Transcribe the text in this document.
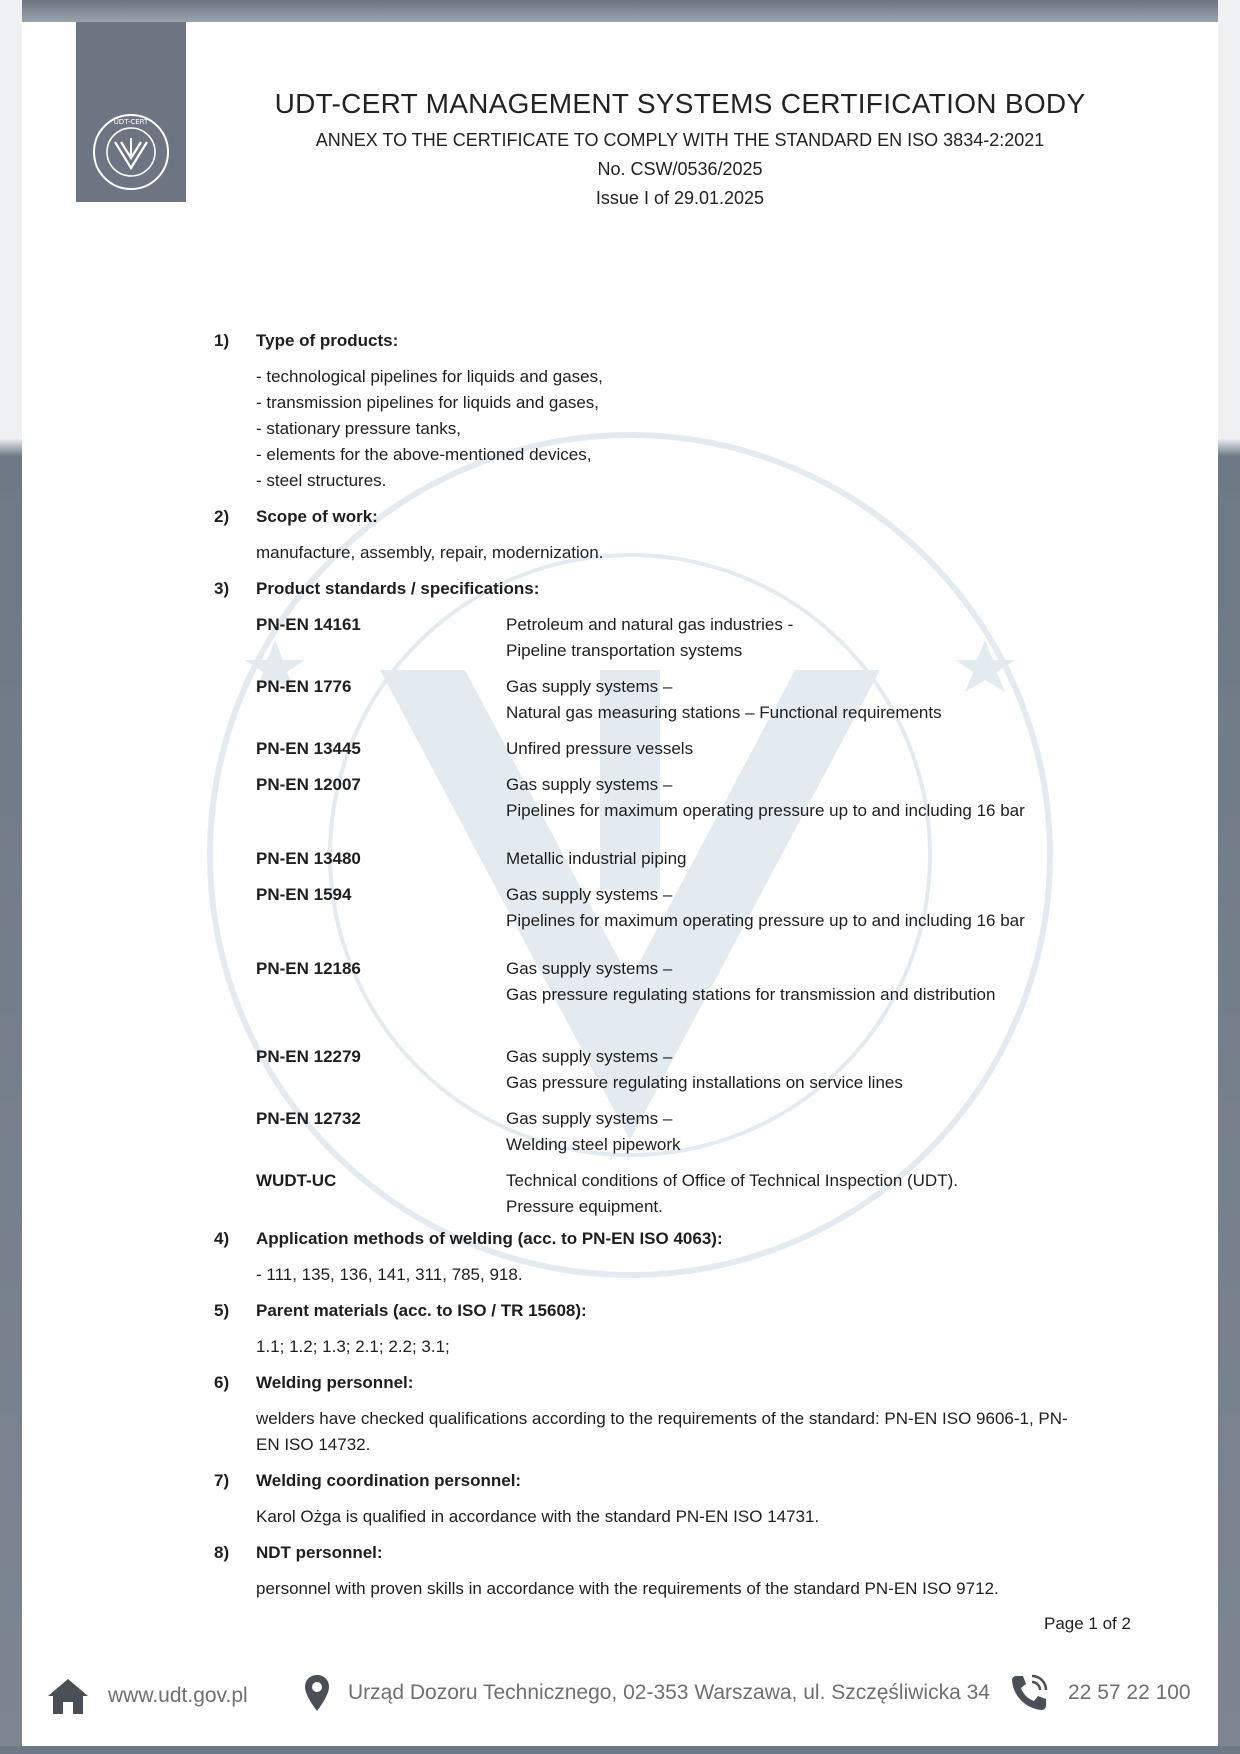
UDT-CERT
UDT-CERT MANAGEMENT SYSTEMS CERTIFICATION BODY
ANNEX TO THE CERTIFICATE TO COMPLY WITH THE STANDARD EN ISO 3834-2:2021
No. CSW/0536/2025
Issue I of 29.01.2025
1)	Type of products:
- technological pipelines for liquids and gases,
- transmission pipelines for liquids and gases,
- stationary pressure tanks,
- elements for the above-mentioned devices,
- steel structures.
2)	Scope of work:
manufacture, assembly, repair, modernization.
3)	Product standards / specifications:
PN-EN 14161	Petroleum and natural gas industries -
Pipeline transportation systems
PN-EN 1776	Gas supply systems –
Natural gas measuring stations – Functional requirements
PN-EN 13445	Unfired pressure vessels
PN-EN 12007	Gas supply systems –
Pipelines for maximum operating pressure up to and including 16 bar
PN-EN 13480	Metallic industrial piping
PN-EN 1594	Gas supply systems –
Pipelines for maximum operating pressure up to and including 16 bar
PN-EN 12186	Gas supply systems –
Gas pressure regulating stations for transmission and distribution
PN-EN 12279	Gas supply systems –
Gas pressure regulating installations on service lines
PN-EN 12732	Gas supply systems –
Welding steel pipework
WUDT-UC	Technical conditions of Office of Technical Inspection (UDT).
Pressure equipment.
4)	Application methods of welding (acc. to PN-EN ISO 4063):
- 111, 135, 136, 141, 311, 785, 918.
5)	Parent materials (acc. to ISO / TR 15608):
1.1; 1.2; 1.3; 2.1; 2.2; 3.1;
6)	Welding personnel:
welders have checked qualifications according to the requirements of the standard: PN-EN ISO 9606-1, PN-
EN ISO 14732.
7)	Welding coordination personnel:
Karol Ożga is qualified in accordance with the standard PN-EN ISO 14731.
8)	NDT personnel:
personnel with proven skills in accordance with the requirements of the standard PN-EN ISO 9712.
Page 1 of 2
www.udt.gov.pl	Urząd Dozoru Technicznego, 02-353 Warszawa, ul. Szczęśliwicka 34	22 57 22 100
